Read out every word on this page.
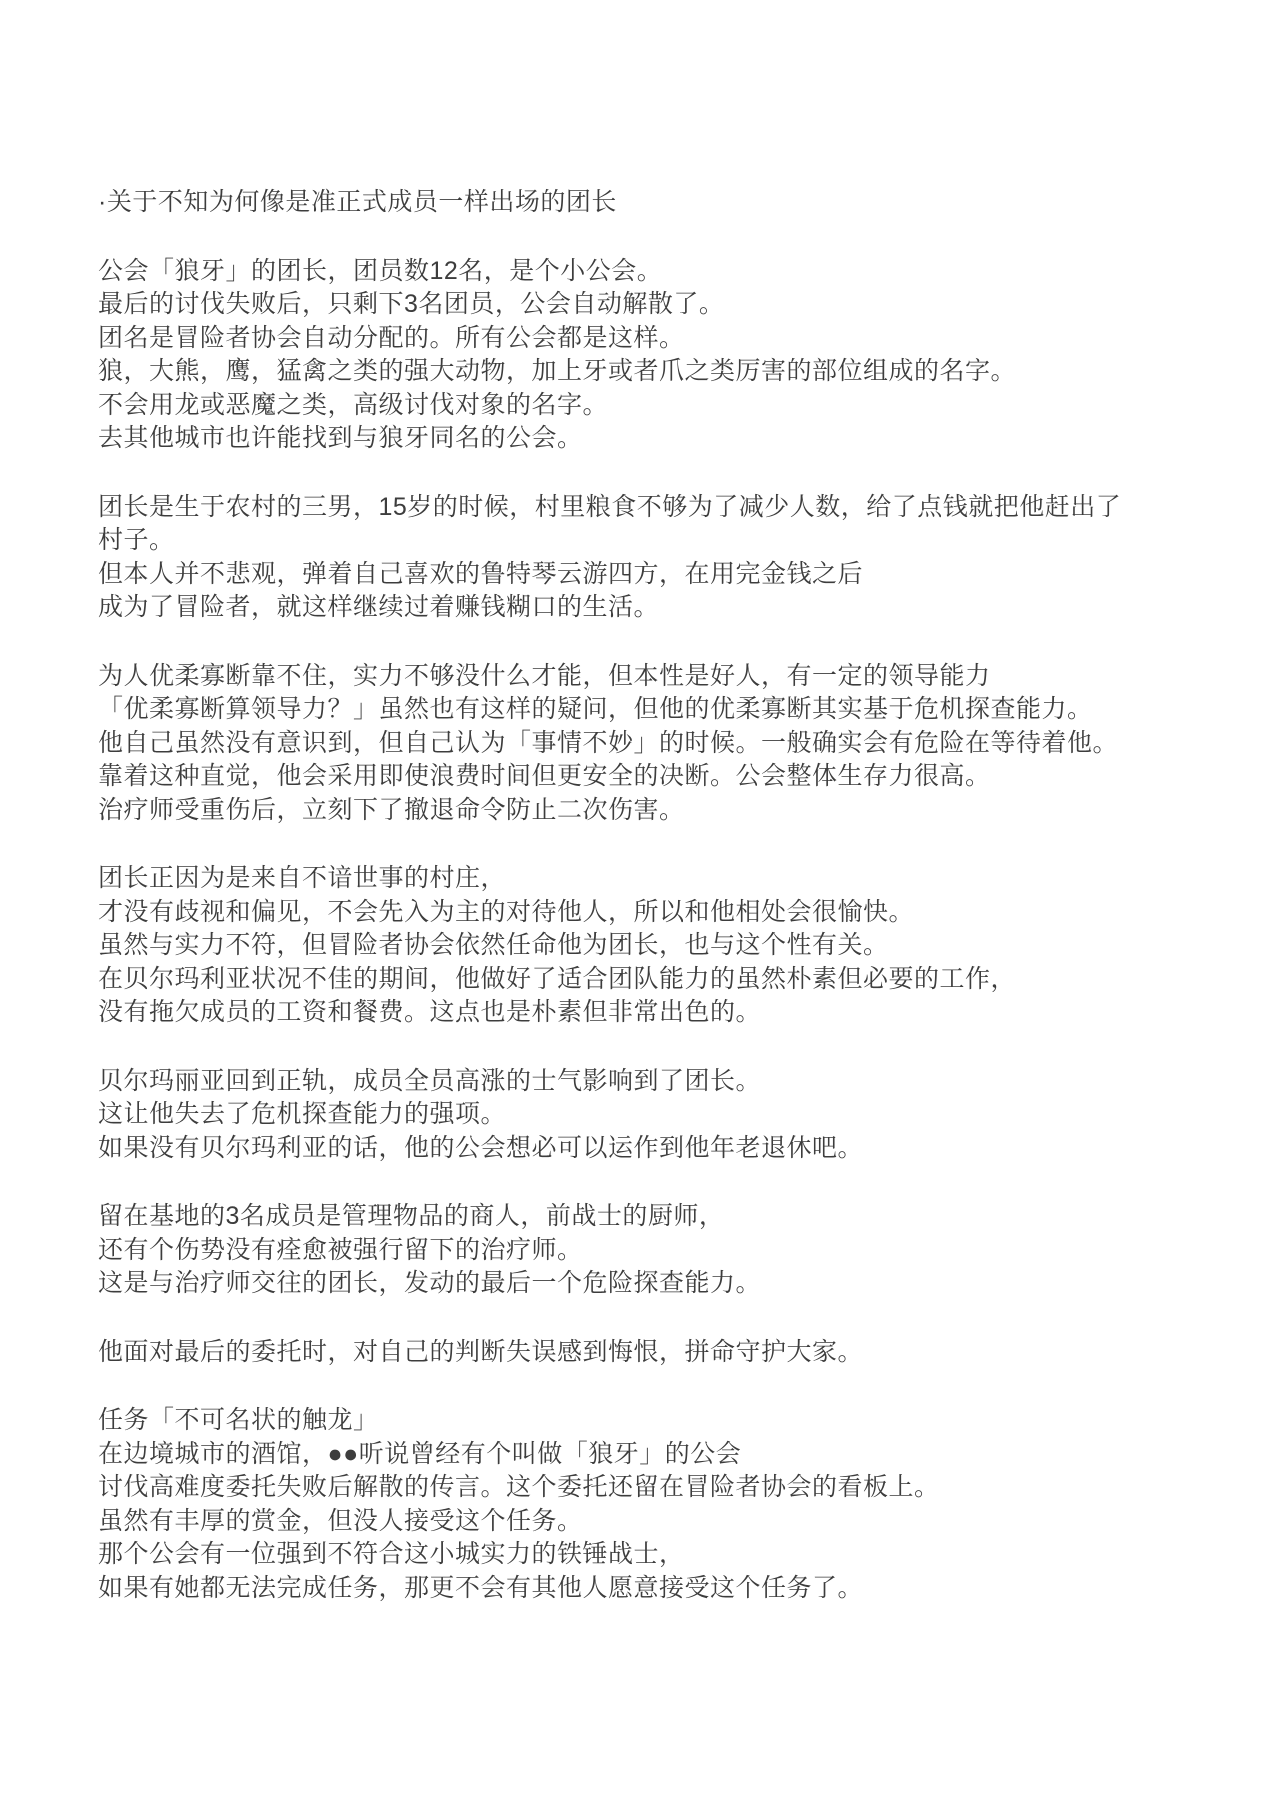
·关于不知为何像是准正式成员一样出场的团长

公会「狼牙」的团长，团员数12名，是个小公会。
最后的讨伐失败后，只剩下3名团员，公会自动解散了。
团名是冒险者协会自动分配的。所有公会都是这样。
狼，大熊，鹰，猛禽之类的强大动物，加上牙或者爪之类厉害的部位组成的名字。
不会用龙或恶魔之类，高级讨伐对象的名字。
去其他城市也许能找到与狼牙同名的公会。

团长是生于农村的三男，15岁的时候，村里粮食不够为了减少人数，给了点钱就把他赶出了
村子。
但本人并不悲观，弹着自己喜欢的鲁特琴云游四方，在用完金钱之后
成为了冒险者，就这样继续过着赚钱糊口的生活。

为人优柔寡断靠不住，实力不够没什么才能，但本性是好人，有一定的领导能力
「优柔寡断算领导力？」虽然也有这样的疑问，但他的优柔寡断其实基于危机探查能力。
他自己虽然没有意识到，但自己认为「事情不妙」的时候。一般确实会有危险在等待着他。
靠着这种直觉，他会采用即使浪费时间但更安全的决断。公会整体生存力很高。
治疗师受重伤后，立刻下了撤退命令防止二次伤害。

团长正因为是来自不谙世事的村庄，
才没有歧视和偏见，不会先入为主的对待他人，所以和他相处会很愉快。
虽然与实力不符，但冒险者协会依然任命他为团长，也与这个性有关。
在贝尔玛利亚状况不佳的期间，他做好了适合团队能力的虽然朴素但必要的工作，
没有拖欠成员的工资和餐费。这点也是朴素但非常出色的。

贝尔玛丽亚回到正轨，成员全员高涨的士气影响到了团长。
这让他失去了危机探查能力的强项。
如果没有贝尔玛利亚的话，他的公会想必可以运作到他年老退休吧。

留在基地的3名成员是管理物品的商人，前战士的厨师，
还有个伤势没有痊愈被强行留下的治疗师。
这是与治疗师交往的团长，发动的最后一个危险探查能力。

他面对最后的委托时，对自己的判断失误感到悔恨，拼命守护大家。

任务「不可名状的触龙」
在边境城市的酒馆，●●听说曾经有个叫做「狼牙」的公会
讨伐高难度委托失败后解散的传言。这个委托还留在冒险者协会的看板上。
虽然有丰厚的赏金，但没人接受这个任务。
那个公会有一位强到不符合这小城实力的铁锤战士，
如果有她都无法完成任务，那更不会有其他人愿意接受这个任务了。
